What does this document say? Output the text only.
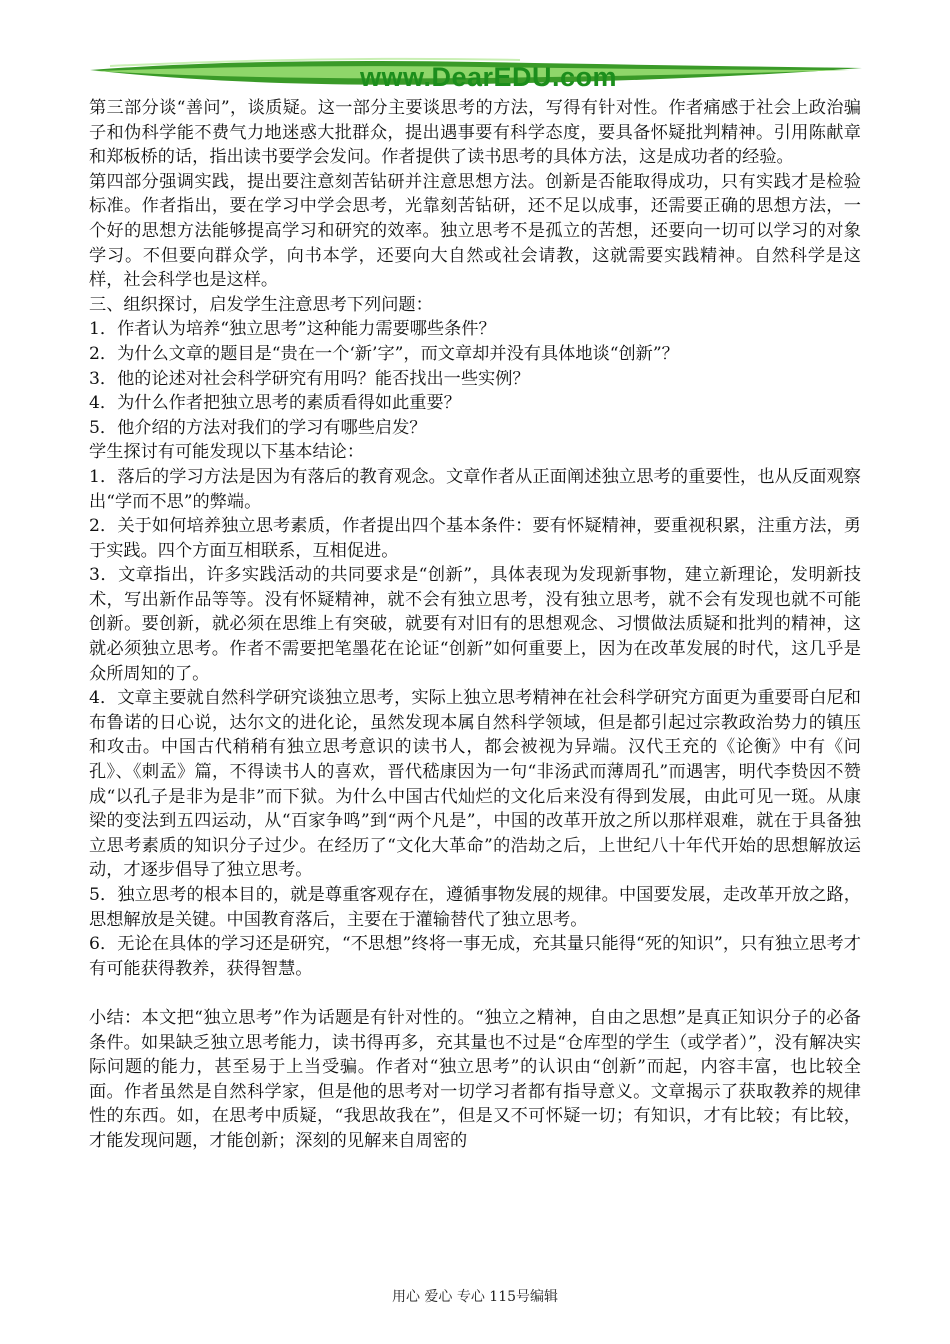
www.DearEDU.com

第三部分谈“善问”，谈质疑。这一部分主要谈思考的方法，写得有针对性。作者痛感于社会上政治骗子和伪科学能不费气力地迷惑大批群众，提出遇事要有科学态度，要具备怀疑批判精神。引用陈献章和郑板桥的话，指出读书要学会发问。作者提供了读书思考的具体方法，这是成功者的经验。

第四部分强调实践，提出要注意刻苦钻研并注意思想方法。创新是否能取得成功，只有实践才是检验标准。作者指出，要在学习中学会思考，光靠刻苦钻研，还不足以成事，还需要正确的思想方法，一个好的思想方法能够提高学习和研究的效率。独立思考不是孤立的苦想，还要向一切可以学习的对象学习。不但要向群众学，向书本学，还要向大自然或社会请教，这就需要实践精神。自然科学是这样，社会科学也是这样。

三、组织探讨，启发学生注意思考下列问题：

1．作者认为培养“独立思考”这种能力需要哪些条件？

2．为什么文章的题目是“贵在一个‘新’字”，而文章却并没有具体地谈“创新”？

3．他的论述对社会科学研究有用吗？能否找出一些实例？

4．为什么作者把独立思考的素质看得如此重要？

5．他介绍的方法对我们的学习有哪些启发？

学生探讨有可能发现以下基本结论：

1．落后的学习方法是因为有落后的教育观念。文章作者从正面阐述独立思考的重要性，也从反面观察出“学而不思”的弊端。

2．关于如何培养独立思考素质，作者提出四个基本条件：要有怀疑精神，要重视积累，注重方法，勇于实践。四个方面互相联系，互相促进。

3．文章指出，许多实践活动的共同要求是“创新”，具体表现为发现新事物，建立新理论，发明新技术，写出新作品等等。没有怀疑精神，就不会有独立思考，没有独立思考，就不会有发现也就不可能创新。要创新，就必须在思维上有突破，就要有对旧有的思想观念、习惯做法质疑和批判的精神，这就必须独立思考。作者不需要把笔墨花在论证“创新”如何重要上，因为在改革发展的时代，这几乎是众所周知的了。

4．文章主要就自然科学研究谈独立思考，实际上独立思考精神在社会科学研究方面更为重要哥白尼和布鲁诺的日心说，达尔文的进化论，虽然发现本属自然科学领域，但是都引起过宗教政治势力的镇压和攻击。中国古代稍稍有独立思考意识的读书人，都会被视为异端。汉代王充的《论衡》中有《问孔》、《刺孟》篇，不得读书人的喜欢，晋代嵇康因为一句“非汤武而薄周孔”而遇害，明代李贽因不赞成“以孔子是非为是非”而下狱。为什么中国古代灿烂的文化后来没有得到发展，由此可见一斑。从康梁的变法到五四运动，从“百家争鸣”到“两个凡是”，中国的改革开放之所以那样艰难，就在于具备独立思考素质的知识分子过少。在经历了“文化大革命”的浩劫之后，上世纪八十年代开始的思想解放运动，才逐步倡导了独立思考。

5．独立思考的根本目的，就是尊重客观存在，遵循事物发展的规律。中国要发展，走改革开放之路，思想解放是关键。中国教育落后，主要在于灌输替代了独立思考。

6．无论在具体的学习还是研究，“不思想”终将一事无成，充其量只能得“死的知识”，只有独立思考才有可能获得教养，获得智慧。

小结：本文把“独立思考”作为话题是有针对性的。“独立之精神，自由之思想”是真正知识分子的必备条件。如果缺乏独立思考能力，读书得再多，充其量也不过是“仓库型的学生（或学者）”，没有解决实际问题的能力，甚至易于上当受骗。作者对“独立思考”的认识由“创新”而起，内容丰富，也比较全面。作者虽然是自然科学家，但是他的思考对一切学习者都有指导意义。文章揭示了获取教养的规律性的东西。如，在思考中质疑，“我思故我在”，但是又不可怀疑一切；有知识，才有比较；有比较，才能发现问题，才能创新；深刻的见解来自周密的

用心 爱心 专心 115号编辑
